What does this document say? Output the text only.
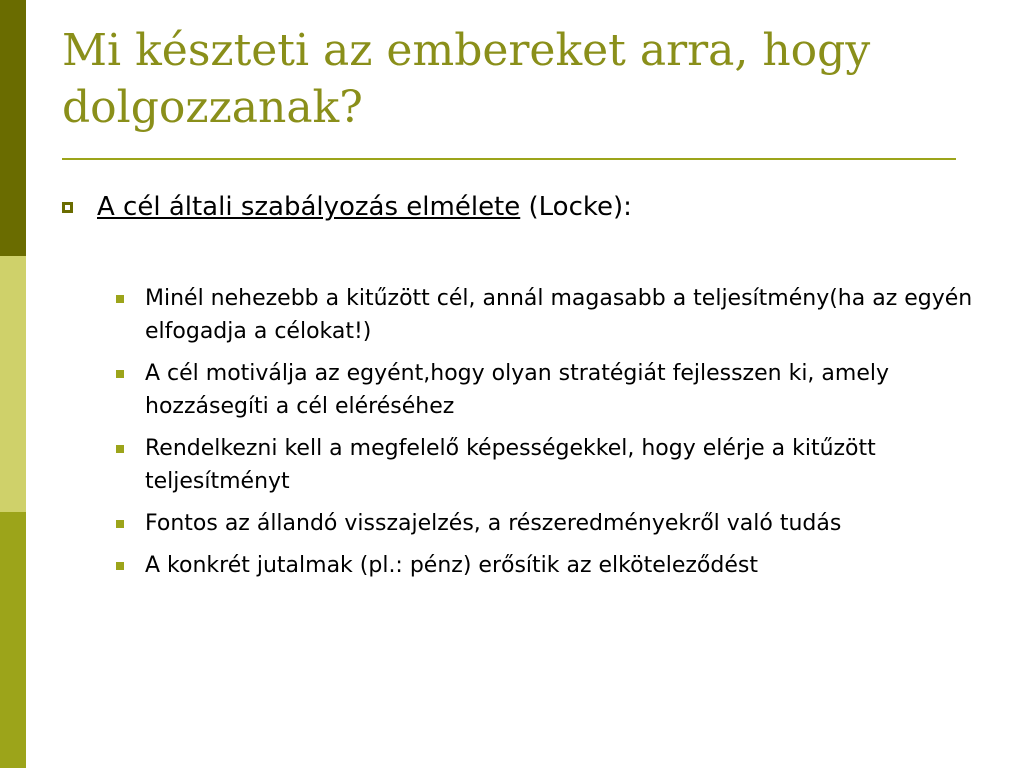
Mi készteti az embereket arra, hogy dolgozzanak?
A cél általi szabályozás elmélete (Locke):
Minél nehezebb a kitűzött cél, annál magasabb a teljesítmény(ha az egyén elfogadja a célokat!)
A cél motiválja az egyént,hogy olyan stratégiát fejlesszen ki, amely hozzásegíti a cél eléréséhez
Rendelkezni kell a megfelelő képességekkel, hogy elérje a kitűzött teljesítményt
Fontos az állandó visszajelzés, a részeredményekről való tudás
A konkrét jutalmak (pl.: pénz) erősítik az elköteleződést
